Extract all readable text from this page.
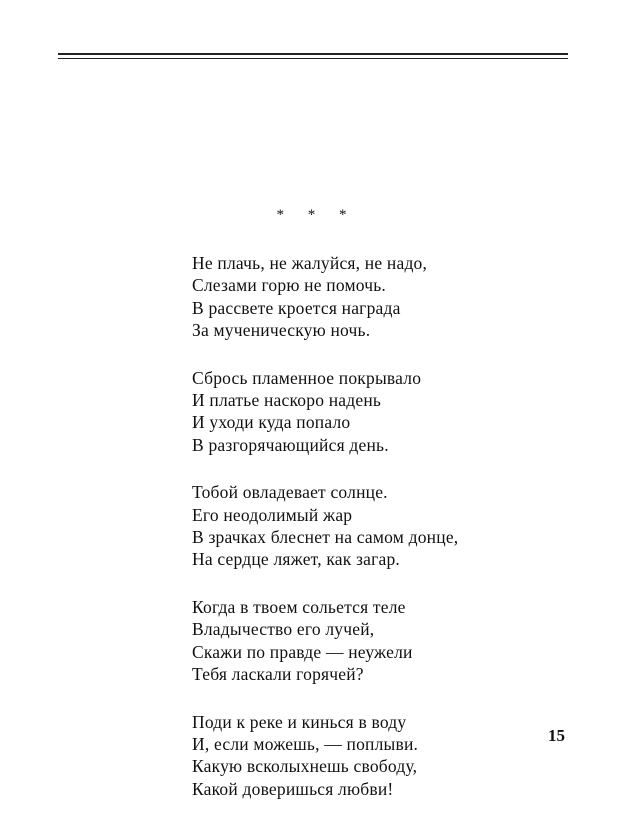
* * *
Не плачь, не жалуйся, не надо,
Слезами горю не помочь.
В рассвете кроется награда
За мученическую ночь.
Сбрось пламенное покрывало
И платье наскоро надень
И уходи куда попало
В разгорячающийся день.
Тобой овладевает солнце.
Его неодолимый жар
В зрачках блеснет на самом донце,
На сердце ляжет, как загар.
Когда в твоем сольется теле
Владычество его лучей,
Скажи по правде — неужели
Тебя ласкали горячей?
Поди к реке и кинься в воду
И, если можешь, — поплыви.
Какую всколыхнешь свободу,
Какой доверишься любви!
15
